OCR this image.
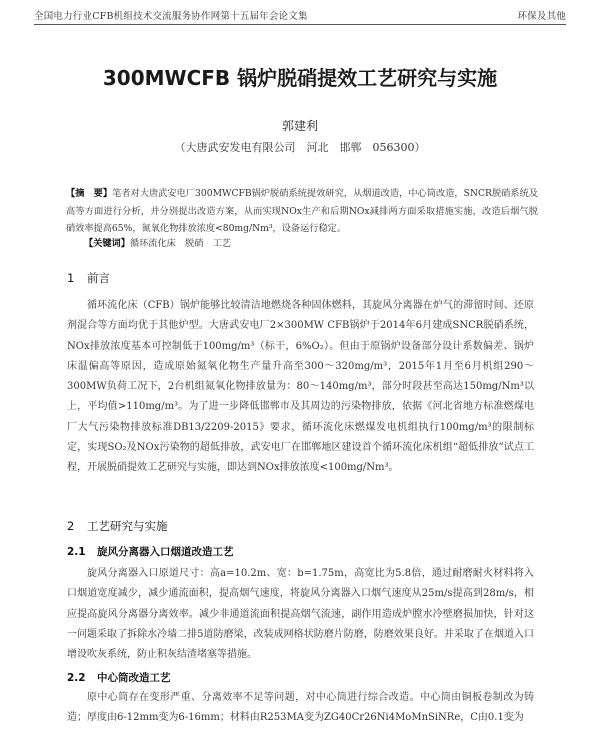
全国电力行业CFB机组技术交流服务协作网第十五届年会论文集	环保及其他
300MWCFB 锅炉脱硝提效工艺研究与实施
郭建利
（大唐武安发电有限公司　河北　邯郸　056300）
【摘　要】笔者对大唐武安电厂300MWCFB锅炉脱硝系统提效研究，从烟道改造，中心筒改造，SNCR脱硝系统及高等方面进行分析，并分别提出改造方案，从而实现NOx生产和后期NOx减排两方面采取措施实施，改造后烟气脱硝效率提高65%，氮氧化物排放浓度<80mg/Nm³，设备运行稳定。
【关键词】循环流化床　脱硝　工艺
1 前言

循环流化床（CFB）锅炉能够比较清洁地燃烧各种固体燃料，其旋风分离器在炉气的滞留时间、还原剂混合等方面均优于其他炉型。大唐武安电厂2×300MW CFB锅炉于2014年6月建成SNCR脱硝系统，NOx排放浓度基本可控制低于100mg/m³（标干，6%O₂）。但由于原锅炉设备部分设计系数偏差、锅炉床温偏高等原因，造成原始氮氧化物生产量升高至300～320mg/m³，2015年1月至6月机组290～300MW负荷工况下，2台机组氮氧化物排放量为：80～140mg/m³，部分时段甚至高达150mg/Nm³以上，平均值>110mg/m³。为了进一步降低邯郸市及其周边的污染物排放，依据《河北省地方标准燃煤电厂大气污染物排放标准DB13/2209-2015》要求，循环流化床燃煤发电机组执行100mg/m³的限制标定，实现SO₂及NOx污染物的超低排放，武安电厂在邯郸地区建设首个循环流化床机组“超低排放”试点工程，开展脱硝提效工艺研究与实施，即达到NOx排放浓度<100mg/Nm³。

2 工艺研究与实施
2.1 旋风分离器入口烟道改造工艺

旋风分离器入口原道尺寸：高a=10.2m、宽：b=1.75m，高宽比为5.8倍，通过耐磨耐火材料将入口烟道宽度减少，减少通流面积，提高烟气速度，将旋风分离器入口烟气速度从25m/s提高到28m/s，相应提高旋风分离器分离效率。减少非通道流面积提高烟气流速，副作用造成炉膛水冷壁磨损加快，针对这一问题采取了拆除水冷墙二排5道防磨梁，改装成网格状防磨片防磨，防磨效果良好。并采取了在烟道入口增设吹灰系统，防止积灰结渣堵塞等措施。

2.2 中心筒改造工艺

原中心筒存在变形严重、分离效率不足等问题，对中心筒进行综合改造。中心筒由铜板卷制改为铸造；厚度由6-12mm变为6-16mm；材料由R253MA变为ZG40Cr26Ni4MoMnSiNRe，C由0.1变为
